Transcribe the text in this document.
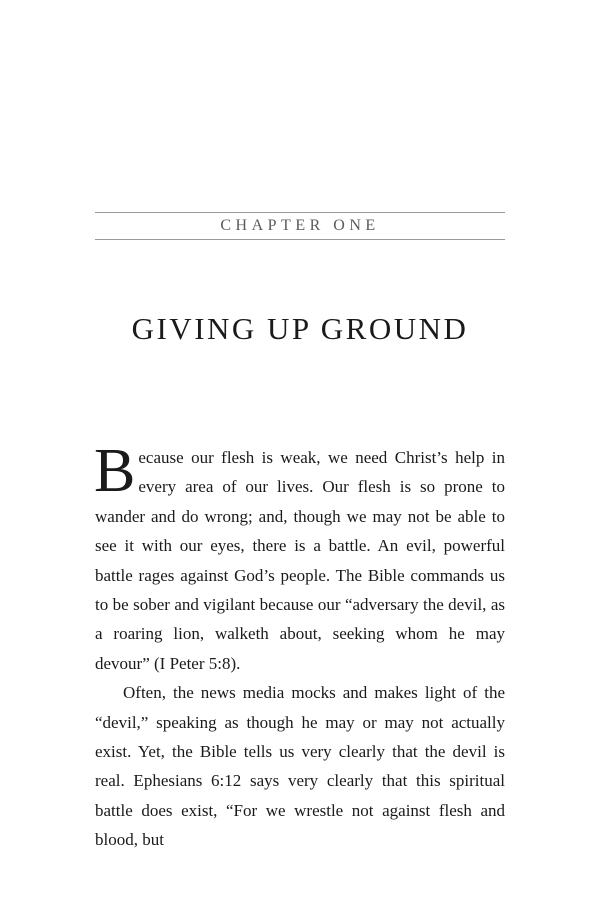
CHAPTER ONE
GIVING UP GROUND

Because our flesh is weak, we need Christ’s help in every area of our lives. Our flesh is so prone to wander and do wrong; and, though we may not be able to see it with our eyes, there is a battle. An evil, powerful battle rages against God’s people. The Bible commands us to be sober and vigilant because our “adversary the devil, as a roaring lion, walketh about, seeking whom he may devour” (I Peter 5:8).

Often, the news media mocks and makes light of the “devil,” speaking as though he may or may not actually exist. Yet, the Bible tells us very clearly that the devil is real. Ephesians 6:12 says very clearly that this spiritual battle does exist, “For we wrestle not against flesh and blood, but
